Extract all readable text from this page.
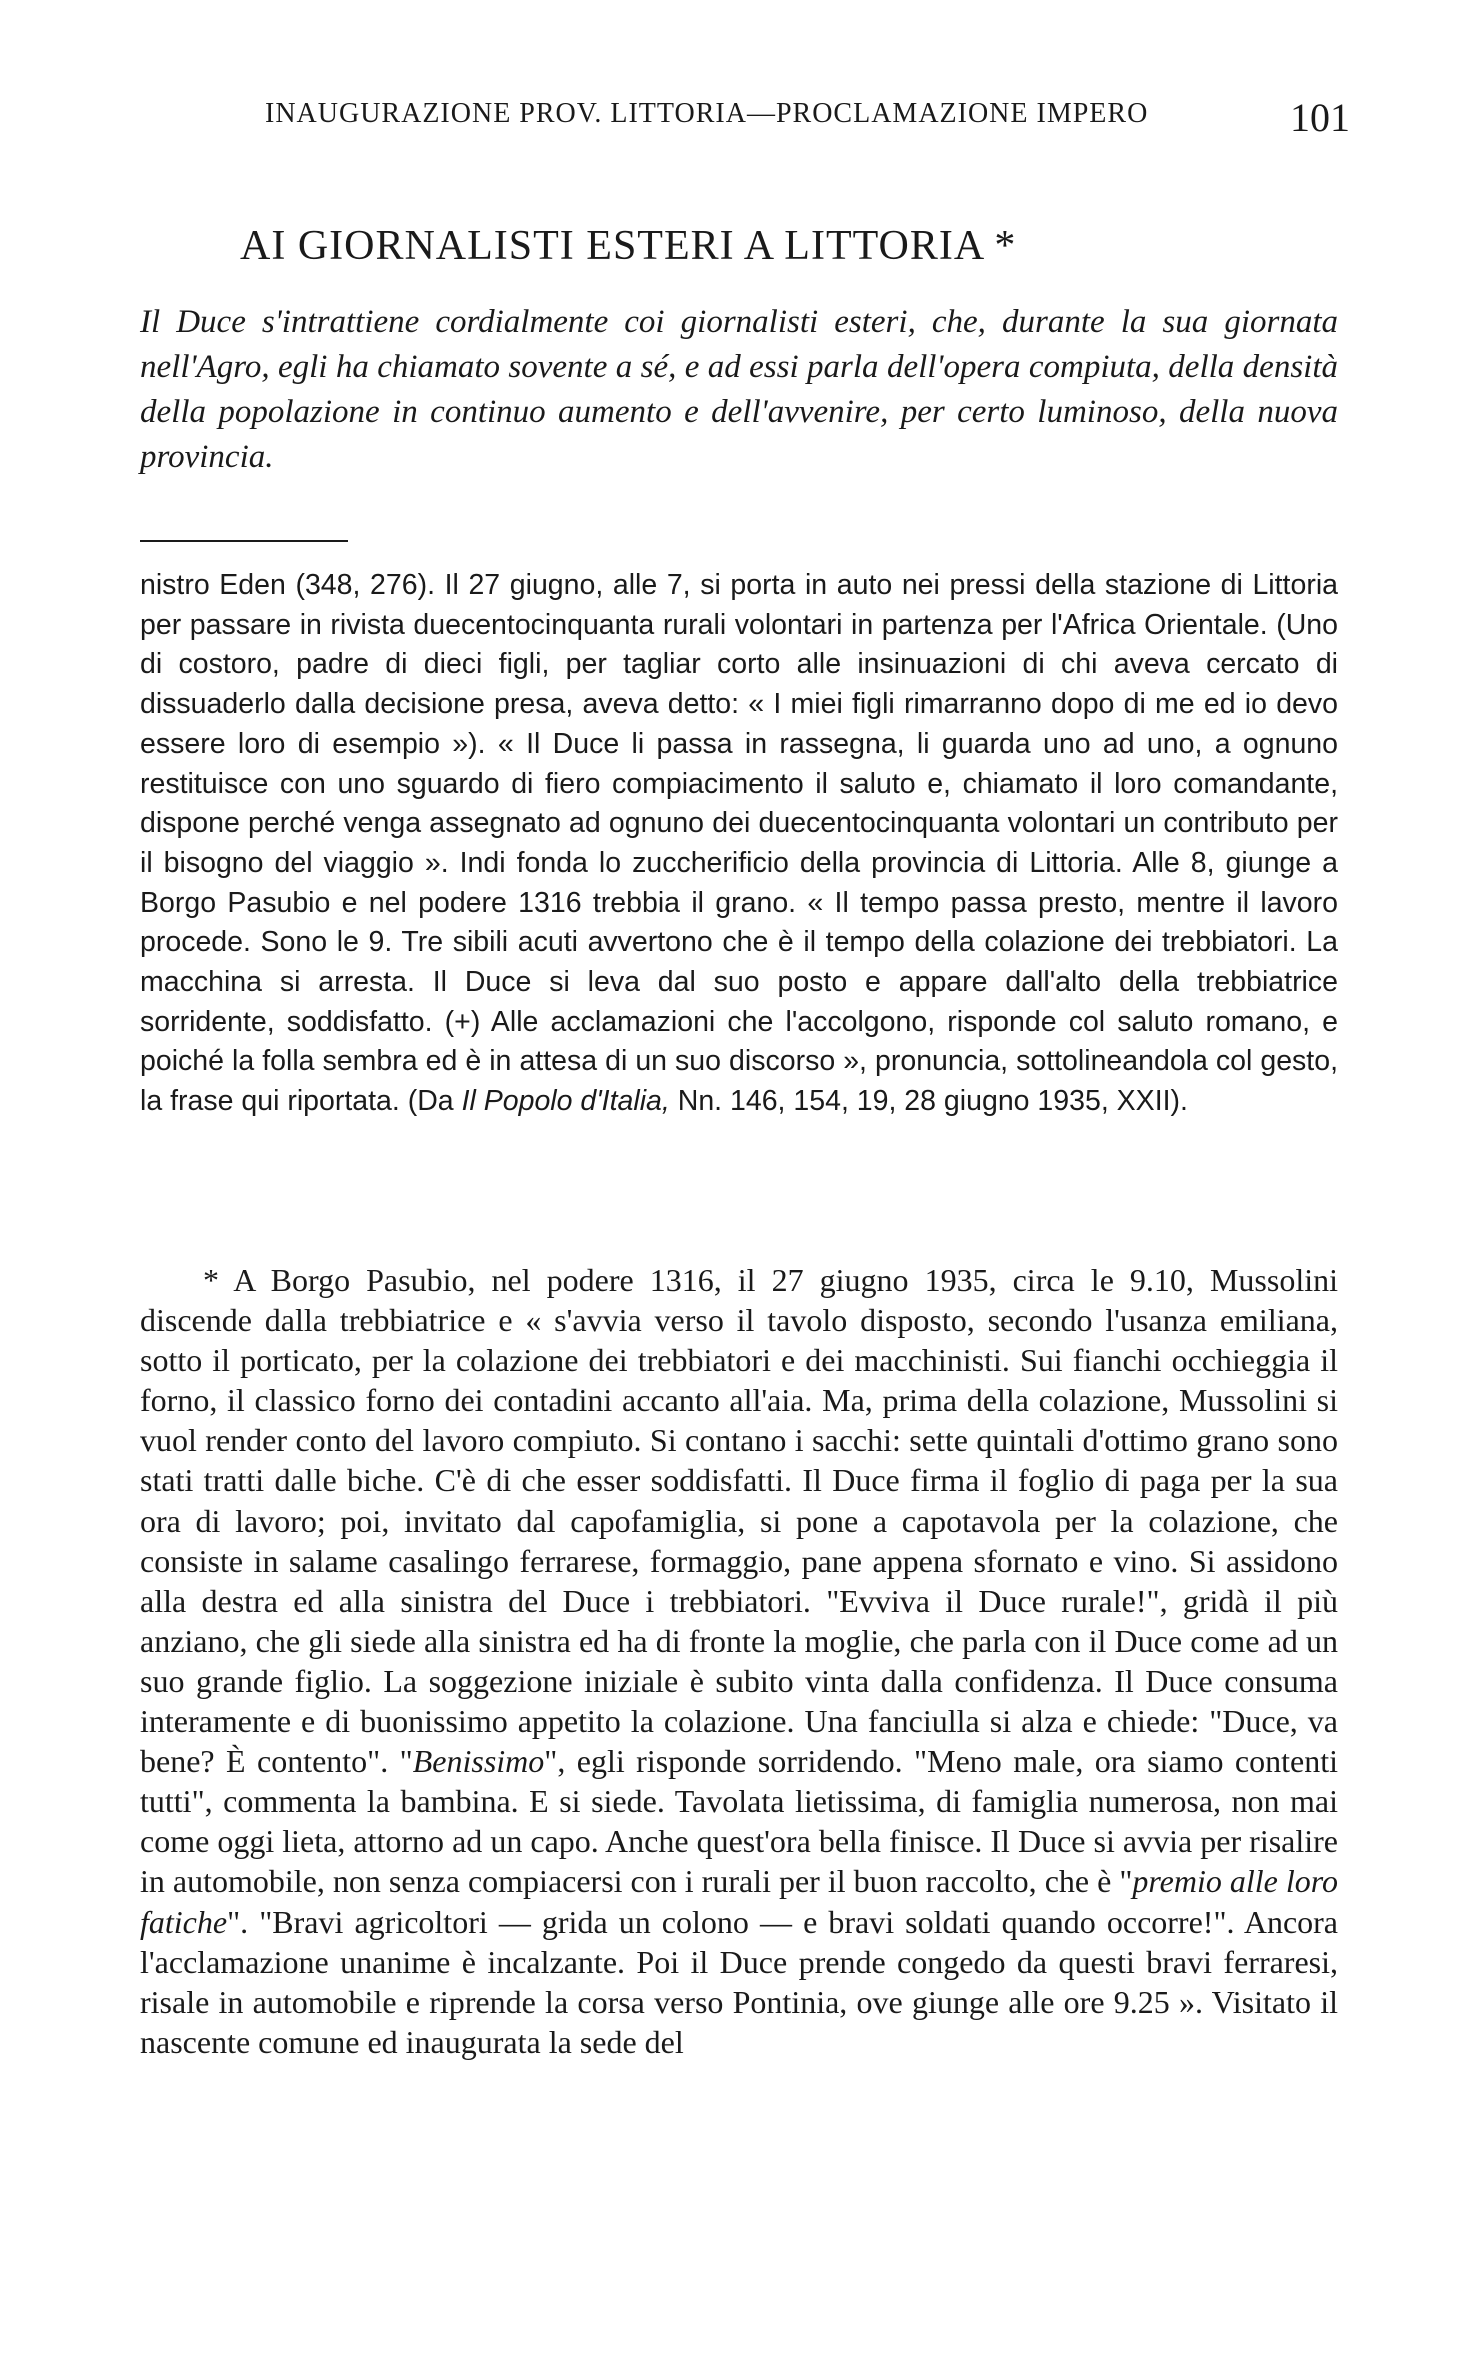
INAUGURAZIONE PROV. LITTORIA—PROCLAMAZIONE IMPERO	101
AI GIORNALISTI ESTERI A LITTORIA *

Il Duce s'intrattiene cordialmente coi giornalisti esteri, che, durante la sua giornata nell'Agro, egli ha chiamato sovente a sé, e ad essi parla dell'opera compiuta, della densità della popolazione in continuo aumento e dell'avvenire, per certo luminoso, della nuova provincia.

nistro Eden (348, 276). Il 27 giugno, alle 7, si porta in auto nei pressi della stazione di Littoria per passare in rivista duecentocinquanta rurali volontari in partenza per l'Africa Orientale. (Uno di costoro, padre di dieci figli, per tagliar corto alle insinuazioni di chi aveva cercato di dissuaderlo dalla decisione presa, aveva detto: « I miei figli rimarranno dopo di me ed io devo essere loro di esempio »). « Il Duce li passa in rassegna, li guarda uno ad uno, a ognuno restituisce con uno sguardo di fiero compiacimento il saluto e, chiamato il loro comandante, dispone perché venga assegnato ad ognuno dei duecentocinquanta volontari un contributo per il bisogno del viaggio ». Indi fonda lo zuccherificio della provincia di Littoria. Alle 8, giunge a Borgo Pasubio e nel podere 1316 trebbia il grano. « Il tempo passa presto, mentre il lavoro procede. Sono le 9. Tre sibili acuti avvertono che è il tempo della colazione dei trebbiatori. La macchina si arresta. Il Duce si leva dal suo posto e appare dall'alto della trebbiatrice sorridente, soddisfatto. (+) Alle acclamazioni che l'accolgono, risponde col saluto romano, e poiché la folla sembra ed è in attesa di un suo discorso », pronuncia, sottolineandola col gesto, la frase qui riportata. (Da Il Popolo d'Italia, Nn. 146, 154, 19, 28 giugno 1935, XXII).

* A Borgo Pasubio, nel podere 1316, il 27 giugno 1935, circa le 9.10, Mussolini discende dalla trebbiatrice e « s'avvia verso il tavolo disposto, secondo l'usanza emiliana, sotto il porticato, per la colazione dei trebbiatori e dei macchinisti. Sui fianchi occhieggia il forno, il classico forno dei contadini accanto all'aia. Ma, prima della colazione, Mussolini si vuol render conto del lavoro compiuto. Si contano i sacchi: sette quintali d'ottimo grano sono stati tratti dalle biche. C'è di che esser soddisfatti. Il Duce firma il foglio di paga per la sua ora di lavoro; poi, invitato dal capofamiglia, si pone a capotavola per la colazione, che consiste in salame casalingo ferrarese, formaggio, pane appena sfornato e vino. Si assidono alla destra ed alla sinistra del Duce i trebbiatori. "Evviva il Duce rurale!", gridà il più anziano, che gli siede alla sinistra ed ha di fronte la moglie, che parla con il Duce come ad un suo grande figlio. La soggezione iniziale è subito vinta dalla confidenza. Il Duce consuma interamente e di buonissimo appetito la colazione. Una fanciulla si alza e chiede: "Duce, va bene? È contento". "Benissimo", egli risponde sorridendo. "Meno male, ora siamo contenti tutti", commenta la bambina. E si siede. Tavolata lietissima, di famiglia numerosa, non mai come oggi lieta, attorno ad un capo. Anche quest'ora bella finisce. Il Duce si avvia per risalire in automobile, non senza compiacersi con i rurali per il buon raccolto, che è "premio alle loro fatiche". "Bravi agricoltori — grida un colono — e bravi soldati quando occorre!". Ancora l'acclamazione unanime è incalzante. Poi il Duce prende congedo da questi bravi ferraresi, risale in automobile e riprende la corsa verso Pontinia, ove giunge alle ore 9.25 ». Visitato il nascente comune ed inaugurata la sede del
